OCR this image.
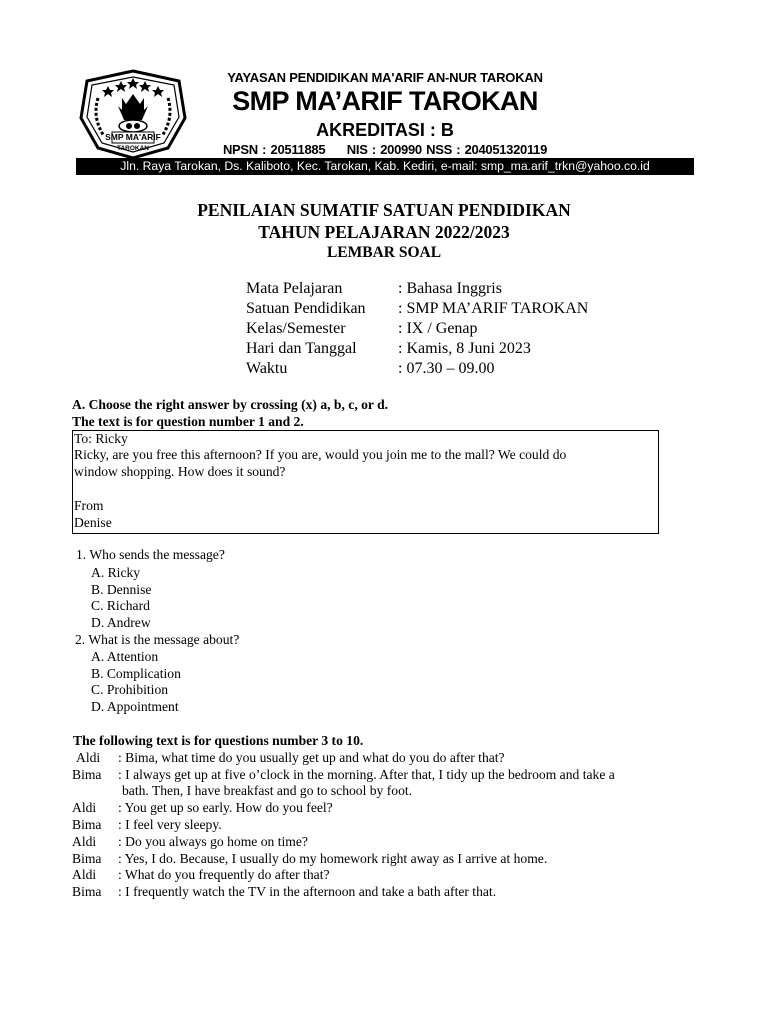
SMP MA'ARIF
TAROKAN
YAYASAN PENDIDIKAN MA'ARIF AN-NUR TAROKAN
SMP MA’ARIF TAROKAN
AKREDITASI : B
NPSN : 20511885     NIS : 200990 NSS : 204051320119
Jln. Raya Tarokan, Ds. Kaliboto, Kec. Tarokan, Kab. Kediri, e-mail: smp_ma.arif_trkn@yahoo.co.id
PENILAIAN SUMATIF SATUAN PENDIDIKAN
TAHUN PELAJARAN 2022/2023
LEMBAR SOAL
Mata Pelajaran	: Bahasa Inggris
Satuan Pendidikan : SMP MA’ARIF TAROKAN
Kelas/Semester	: IX / Genap
Hari dan Tanggal	: Kamis, 8 Juni 2023
Waktu	: 07.30 – 09.00
A. Choose the right answer by crossing (x) a, b, c, or d.
The text is for question number 1 and 2.
To: Ricky
Ricky, are you free this afternoon? If you are, would you join me to the mall? We could do
window shopping. How does it sound?
From
Denise
1. Who sends the message?
A. Ricky
B. Dennise
C. Richard
D. Andrew
2. What is the message about?
A. Attention
B. Complication
C. Prohibition
D. Appointment
The following text is for questions number 3 to 10.
Aldi	: Bima, what time do you usually get up and what do you do after that?
Bima	: I always get up at five o’clock in the morning. After that, I tidy up the bedroom and take a
bath. Then, I have breakfast and go to school by foot.
Aldi	: You get up so early. How do you feel?
Bima	: I feel very sleepy.
Aldi	: Do you always go home on time?
Bima	: Yes, I do. Because, I usually do my homework right away as I arrive at home.
Aldi	: What do you frequently do after that?
Bima	: I frequently watch the TV in the afternoon and take a bath after that.
